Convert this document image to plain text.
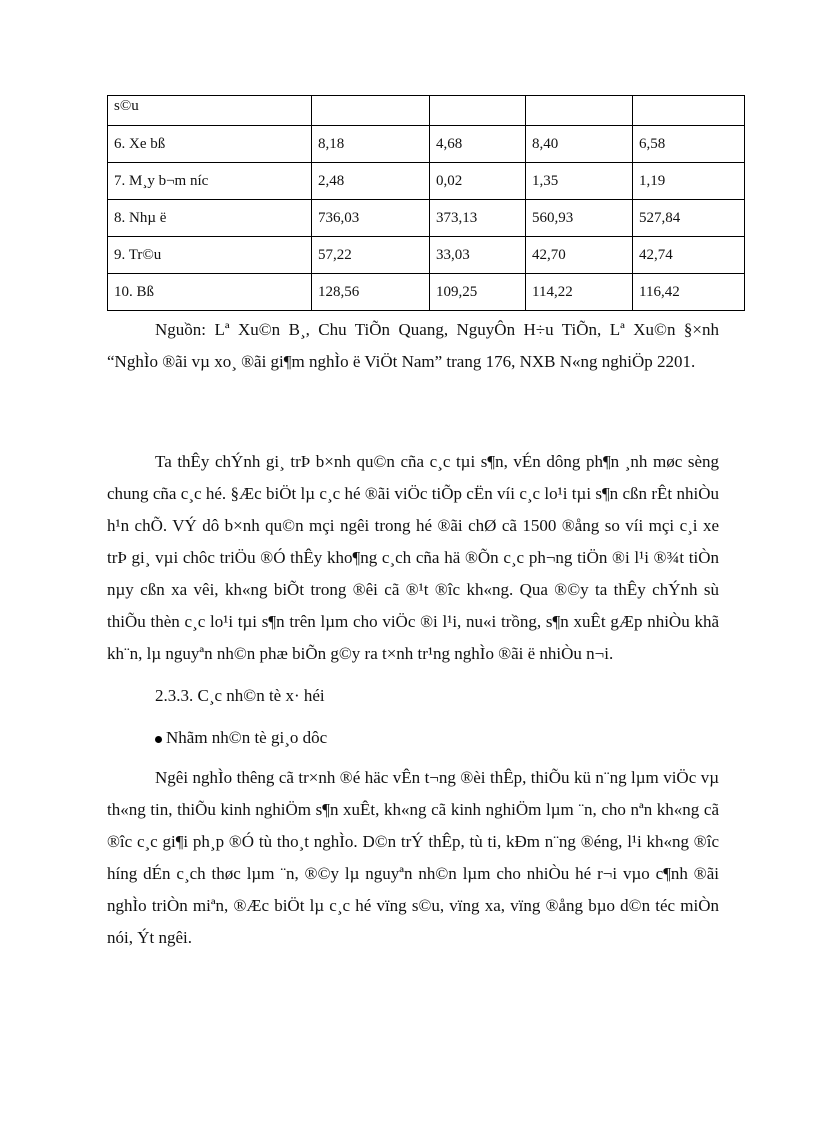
s©u				
6. Xe bß	8,18	4,68	8,40	6,58
7. M¸y b¬m níc	2,48	0,02	1,35	1,19
8. Nhµ ë	736,03	373,13	560,93	527,84
9. Tr©u	57,22	33,03	42,70	42,74
10. Bß	128,56	109,25	114,22	116,42

Nguồn: Lª Xu©n B¸, Chu TiÕn Quang, NguyÔn H÷u TiÕn, Lª Xu©n §×nh “NghÌo ®ãi vµ xo¸ ®ãi gi¶m nghÌo ë ViÖt Nam” trang 176, NXB N«ng nghiÖp 2201.

Ta thÊy chÝnh gi¸ trÞ b×nh qu©n cña c¸c tµi s¶n, vÉn dông ph¶n ¸nh møc sèng chung cña c¸c hé. §Æc biÖt lµ c¸c hé ®ãi viÖc tiÕp cËn víi c¸c lo¹i tµi s¶n cßn rÊt nhiÒu h¹n chÕ. VÝ dô b×nh qu©n mçi ngêi trong hé ®ãi chØ cã 1500 ®ång so víi mçi c¸i xe trÞ gi¸ vµi chôc triÖu ®Ó thÊy kho¶ng c¸ch cña hä ®Õn c¸c ph¬ng tiÖn ®i l¹i ®¾t tiÒn nµy cßn xa vêi, kh«ng biÕt trong ®êi cã ®¹t ®îc kh«ng. Qua ®©y ta thÊy chÝnh sù thiÕu thèn c¸c lo¹i tµi s¶n trên lµm cho viÖc ®i l¹i, nu«i trồng, s¶n xuÊt gÆp nhiÒu khã kh¨n, lµ nguyªn nh©n phæ biÕn g©y ra t×nh tr¹ng nghÌo ®ãi ë nhiÒu n¬i.

2.3.3. C¸c nh©n tè x· héi

Nhãm nh©n tè gi¸o dôc

Ngêi nghÌo thêng cã tr×nh ®é häc vÊn t¬ng ®èi thÊp, thiÕu kü n¨ng lµm viÖc vµ th«ng tin, thiÕu kinh nghiÖm s¶n xuÊt, kh«ng cã kinh nghiÖm lµm ¨n, cho nªn kh«ng cã ®îc c¸c gi¶i ph¸p ®Ó tù tho¸t nghÌo. D©n trÝ thÊp, tù ti, kÐm n¨ng ®éng, l¹i kh«ng ®îc híng dÉn c¸ch thøc lµm ¨n, ®©y lµ nguyªn nh©n lµm cho nhiÒu hé r¬i vµo c¶nh ®ãi nghÌo triÒn miªn, ®Æc biÖt lµ c¸c hé vïng s©u, vïng xa, vïng ®ång bµo d©n téc miÒn nói, Ýt ngêi.
